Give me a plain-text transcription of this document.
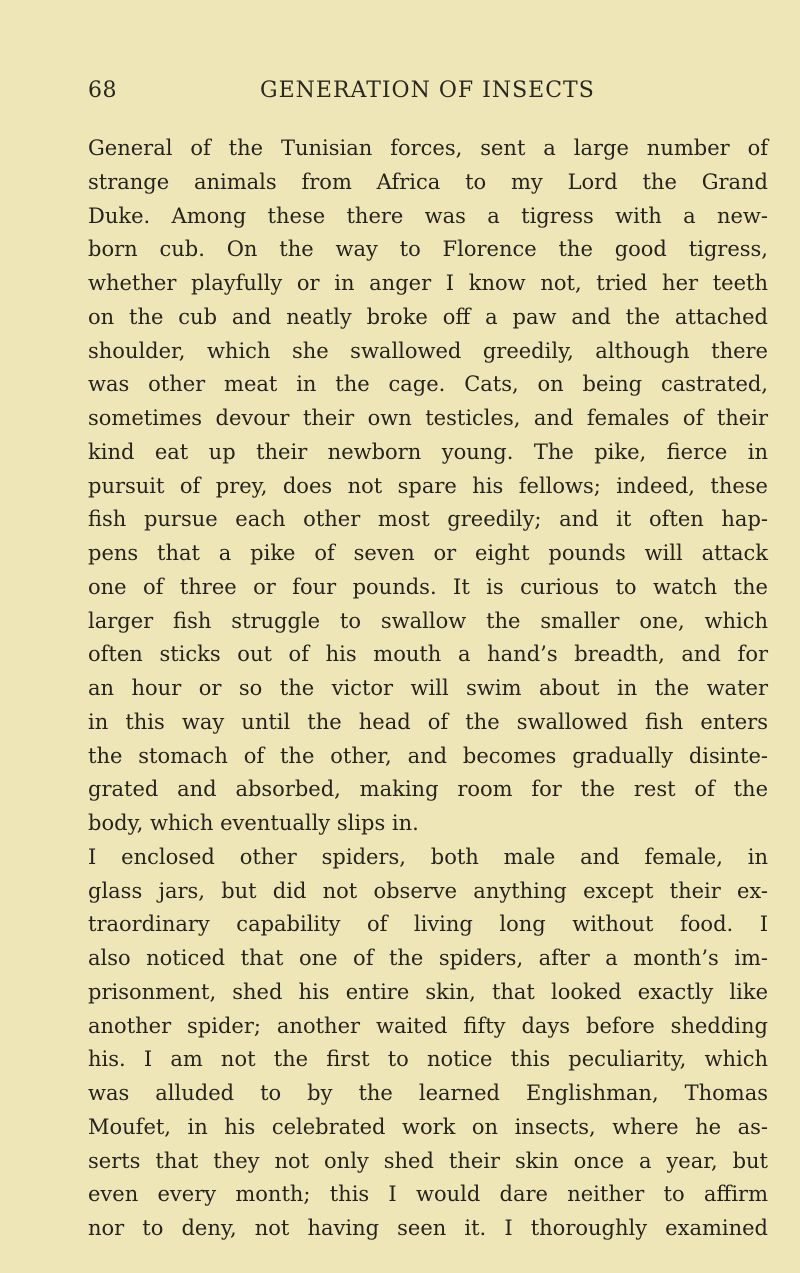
68	GENERATION OF INSECTS
General of the Tunisian forces, sent a large number of
strange animals from Africa to my Lord the Grand
Duke. Among these there was a tigress with a new-
born cub. On the way to Florence the good tigress,
whether playfully or in anger I know not, tried her teeth
on the cub and neatly broke off a paw and the attached
shoulder, which she swallowed greedily, although there
was other meat in the cage. Cats, on being castrated,
sometimes devour their own testicles, and females of their
kind eat up their newborn young. The pike, fierce in
pursuit of prey, does not spare his fellows; indeed, these
fish pursue each other most greedily; and it often hap-
pens that a pike of seven or eight pounds will attack
one of three or four pounds. It is curious to watch the
larger fish struggle to swallow the smaller one, which
often sticks out of his mouth a hand’s breadth, and for
an hour or so the victor will swim about in the water
in this way until the head of the swallowed fish enters
the stomach of the other, and becomes gradually disinte-
grated and absorbed, making room for the rest of the
body, which eventually slips in.
I enclosed other spiders, both male and female, in
glass jars, but did not observe anything except their ex-
traordinary capability of living long without food. I
also noticed that one of the spiders, after a month’s im-
prisonment, shed his entire skin, that looked exactly like
another spider; another waited fifty days before shedding
his. I am not the first to notice this peculiarity, which
was alluded to by the learned Englishman, Thomas
Moufet, in his celebrated work on insects, where he as-
serts that they not only shed their skin once a year, but
even every month; this I would dare neither to affirm
nor to deny, not having seen it. I thoroughly examined
